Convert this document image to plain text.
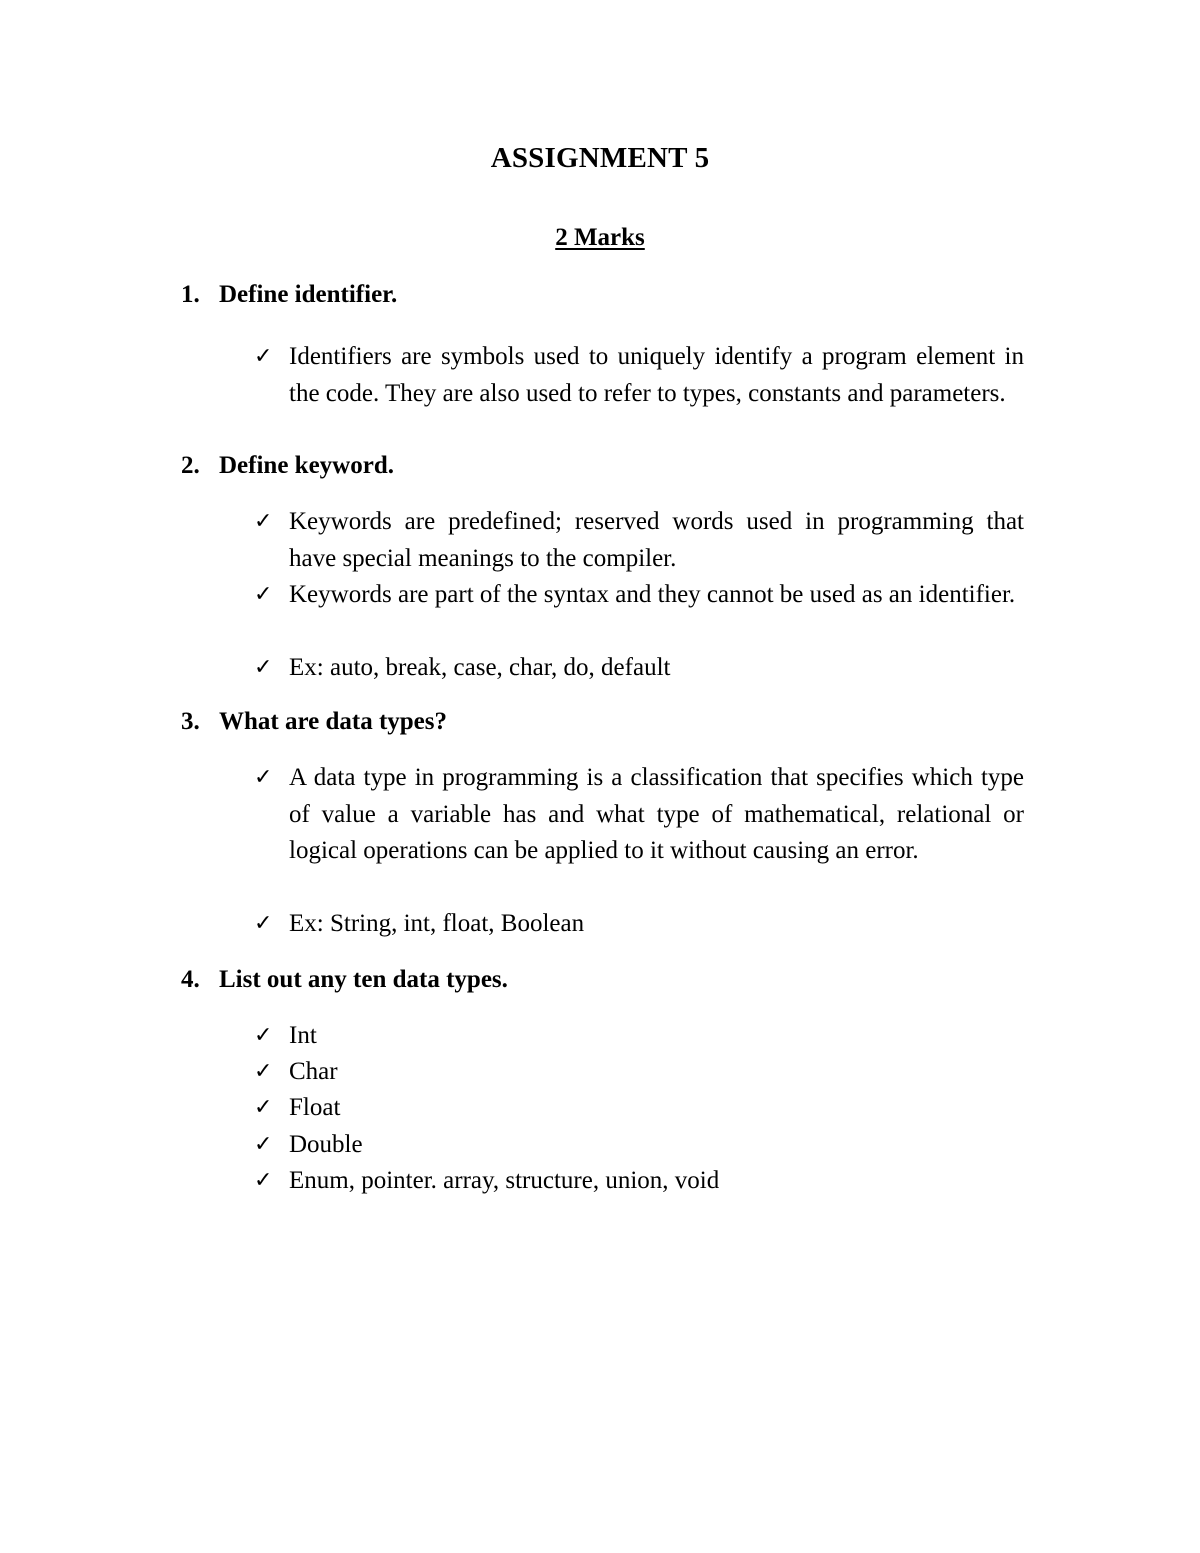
ASSIGNMENT 5
2 Marks
1. Define identifier.
✓ Identifiers are symbols used to uniquely identify a program element in the code. They are also used to refer to types, constants and parameters.
2. Define keyword.
✓ Keywords are predefined; reserved words used in programming that have special meanings to the compiler.
✓ Keywords are part of the syntax and they cannot be used as an identifier.
✓ Ex: auto, break, case, char, do, default
3. What are data types?
✓ A data type in programming is a classification that specifies which type of value a variable has and what type of mathematical, relational or logical operations can be applied to it without causing an error.
✓ Ex: String, int, float, Boolean
4. List out any ten data types.
✓ Int
✓ Char
✓ Float
✓ Double
✓ Enum, pointer. array, structure, union, void
